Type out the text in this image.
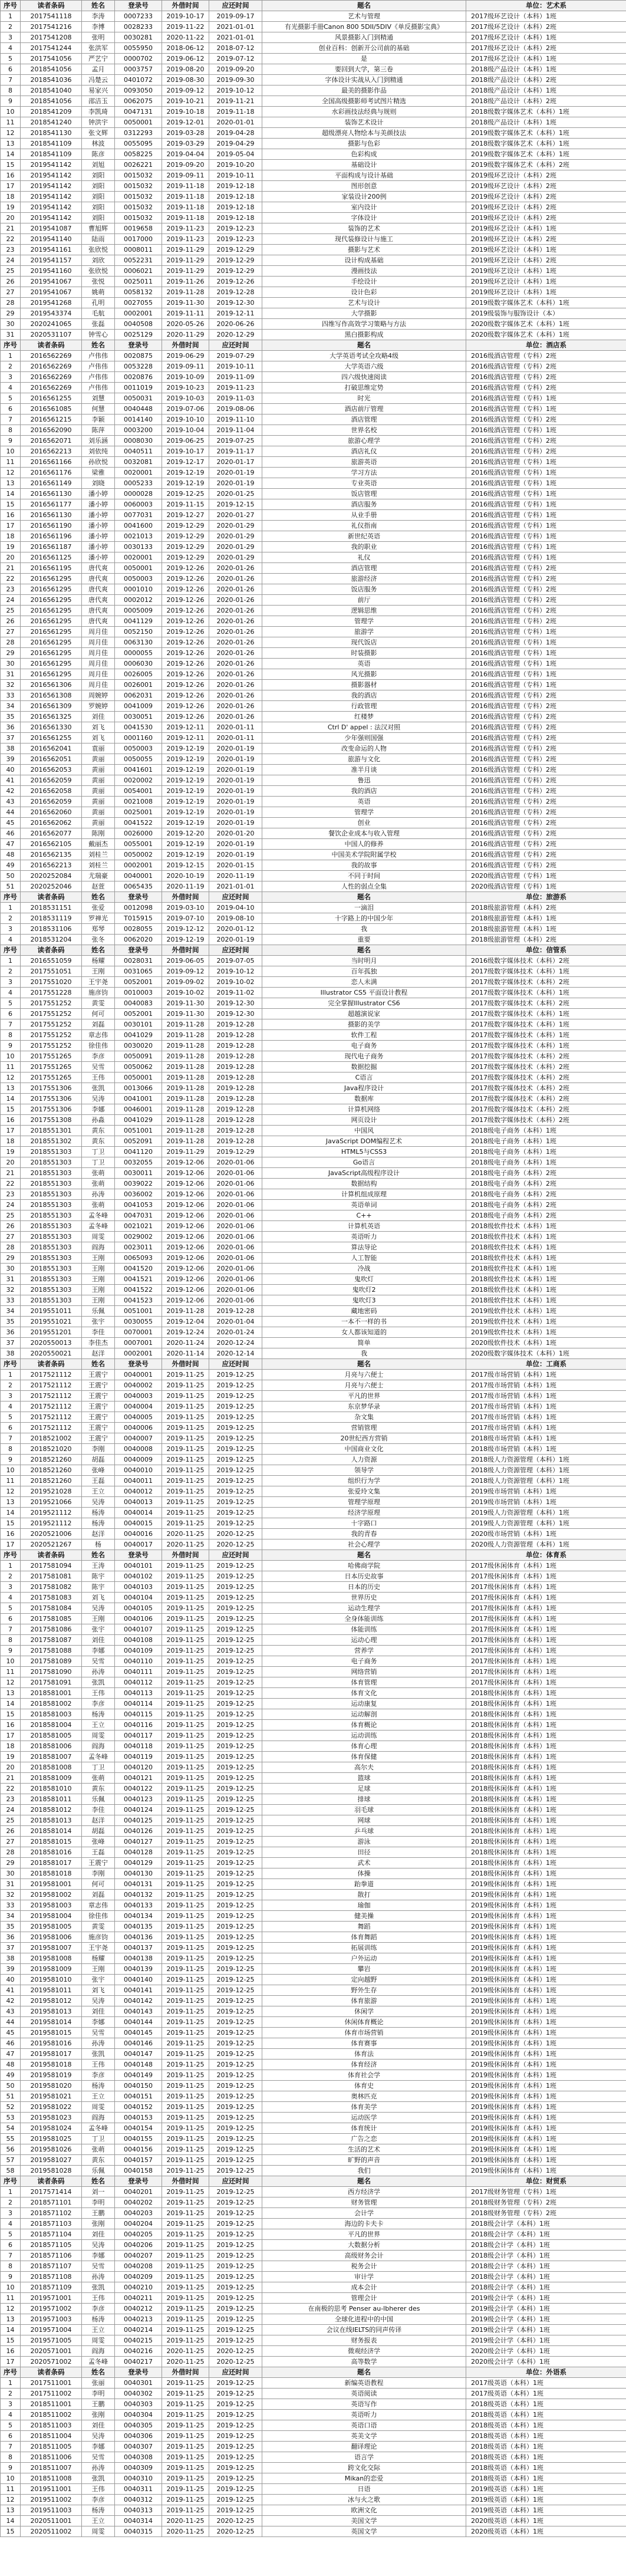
序号	读者条码	姓名	登录号	外借时间	应还时间	题名	单位：艺术系
1	2017541118	李涛	0007233	2019-10-17	2019-09-17	艺术与管理	2017级环艺设计（本科）1班
2	2017541216	李博	0028233	2019-11-22	2021-01-01	有光摄影手冊Canon 800 5DII/5DIV《单反摄影宝典》	2017级环艺设计（本科）2班
3	2017541208	张明	0030281	2020-11-22	2021-01-01	风景摄影入门到精通	2017级环艺设计（本科）1班
4	2017541244	张洪军	0055950	2018-06-12	2018-07-12	创业百科：创新开公司前的基础	2017级环艺设计（本科）2班
5	2017541056	严艺宁	0000702	2019-06-12	2019-07-12	是	2017级环艺设计（本科）1班
6	2018541056	孟月	0003757	2019-08-20	2019-09-20	要回到大学，第三卷	2018级产品设计（本科）1班
7	2018541036	冯楚云	0401072	2019-08-30	2019-09-30	字体设计实战从入门到精通	2018级产品设计（本科）2班
8	2018541040	易家兴	0093050	2019-09-12	2019-10-12	最美的摄影作品	2018级产品设计（本科）1班
9	2018541056	邵洁玉	0062075	2019-10-21	2019-11-21	全国高级摄影师考试图片精选	2018级产品设计（本科）2班
10	2018541209	李凯琦	0047131	2019-10-18	2019-11-18	水彩画技法经典与规则	2018级数字媒体艺术（本科）1班
11	2018541240	钟洪宇	0050001	2019-12-01	2020-01-01	装饰艺术设计	2018级产品设计（本科）1班
12	2018541130	张文辉	0312293	2019-03-28	2019-04-28	超级漂亮人物绘本与美颜技法	2019级数字媒体艺术（本科）1班
13	2018541109	林波	0055095	2019-03-29	2019-04-29	摄影与色彩	2018级数字媒体艺术（本科）1班
14	2018541109	陈彦	0058225	2019-04-04	2019-05-04	色彩构成	2019级数字媒体艺术（本科）1班
15	2019541142	刘旭	0026221	2019-09-20	2019-10-20	基础设计	2019级数字媒体艺术（本科）2班
16	2019541142	刘阳	0015032	2019-09-11	2019-10-11	平面构成与设计基础	2019级环艺设计（本科）2班
17	2019541142	刘阳	0015032	2019-11-18	2019-12-18	图形创意	2019级环艺设计（本科）2班
18	2019541142	刘阳	0015032	2019-11-18	2019-12-18	家装设计200例	2019级环艺设计（本科）2班
19	2019541142	刘阳	0015032	2019-11-18	2019-12-18	室内设计	2019级环艺设计（本科）2班
20	2019541142	刘阳	0015032	2019-11-18	2019-12-18	字体设计	2019级环艺设计（本科）2班
21	2019541087	曹旭辉	0019658	2019-11-23	2019-12-23	装饰的艺术	2019级环艺设计（本科）1班
22	2019541140	陆雨	0017000	2019-11-23	2019-12-23	现代装修设计与施工	2019级环艺设计（本科）2班
23	2019541161	张欣悦	0008011	2019-11-29	2019-12-29	摄影与艺术	2019级环艺设计（本科）1班
24	2019541157	刘欣	0052231	2019-11-29	2019-12-29	设计构成基础	2019级环艺设计（本科）2班
25	2019541160	张欣悦	0006021	2019-11-29	2019-12-29	漫画技法	2019级环艺设计（本科）1班
26	2019541067	张悦	0025011	2019-11-26	2019-12-26	手绘设计	2019级环艺设计（本科）1班
27	2019541067	姚萌	0058132	2019-11-28	2019-12-28	设计色彩	2019级环艺设计（本科）1班
28	2019541268	孔明	0027055	2019-11-30	2019-12-30	艺术与设计	2019级数字媒体艺术（本科）1班
29	2019543374	毛航	0002001	2019-11-11	2019-12-11	大学摄影	2019级装饰与服饰设计（本）
30	2020241065	张磊	0040508	2020-05-26	2020-06-26	四维写作高效学习策略与方法	2020级数字媒体艺术（本科）1班
31	2020531107	钟雪心	0025129	2020-11-29	2020-12-29	黑白摄影构成	2020级数字媒体艺术（本科）1班
序号	读者条码	姓名	登录号	外借时间	应还时间	题名	单位：酒店系
1	2016562269	卢伟伟	0020875	2019-06-29	2019-07-29	大学英语考试全攻略4级	2016级酒店管理（专科）2班
2	2016562269	卢伟伟	0053228	2019-09-11	2019-10-11	大学英语六级	2016级酒店管理（专科）2班
3	2016562269	卢伟伟	0020876	2019-10-09	2019-11-09	四六级快速阅读	2016级酒店管理（专科）2班
4	2016562269	卢伟伟	0011019	2019-10-23	2019-11-23	打破思维定势	2016级酒店管理（专科）2班
5	2016561255	刘慧	0050031	2019-10-03	2019-11-03	时光	2016级酒店管理（专科）1班
6	2016561085	何慧	0040448	2019-07-06	2019-08-06	酒店前厅管理	2016级酒店管理（专科）1班
7	2016561215	李颖	0014140	2019-10-10	2019-11-10	酒店管理	2016级酒店管理（专科）2班
8	2016562090	陈萍	0003200	2019-10-04	2019-11-04	世界名校	2016级酒店管理（专科）1班
9	2016562071	刘乐涵	0008030	2019-06-25	2019-07-25	旅游心理学	2016级酒店管理（专科）2班
10	2016562213	刘依纯	0040511	2019-10-17	2019-11-17	酒店礼仪	2016级酒店管理（专科）2班
11	2016561166	孙欣悦	0032081	2019-12-17	2020-01-17	旅游英语	2016级酒店管理（专科）1班
12	2016561176	梁雅	0020001	2019-12-19	2020-01-19	学习方法	2016级酒店管理（专科）1班
13	2016561149	刘晓	0005233	2019-12-19	2020-01-19	专业英语	2016级酒店管理（专科）1班
14	2016561130	潘小婷	0000028	2019-12-25	2020-01-25	饭店管理	2016级酒店管理（专科）1班
15	2016561177	潘小婷	0060003	2019-11-15	2019-12-15	酒店服务	2016级酒店管理（专科）1班
16	2016561130	潘小婷	0077031	2019-12-27	2020-01-27	从业手册	2016级酒店管理（专科）1班
17	2016561190	潘小婷	0041600	2019-12-29	2020-01-29	礼仪指南	2016级酒店管理（专科）1班
18	2016561196	潘小婷	0021013	2019-12-29	2020-01-29	新世纪英语	2016级酒店管理（专科）1班
19	2016561187	潘小婷	0030133	2019-12-29	2020-01-29	我的职业	2016级酒店管理（专科）1班
20	2016561125	潘小婷	0020001	2019-12-29	2020-01-29	礼仪	2016级酒店管理（专科）1班
21	2016561195	唐代爽	0050001	2019-12-26	2020-01-26	酒店管理	2016级酒店管理（专科）2班
22	2016561295	唐代爽	0050003	2019-12-26	2020-01-26	旅游经济	2016级酒店管理（专科）2班
23	2016561295	唐代爽	0001010	2019-12-26	2020-01-26	饭店服务	2016级酒店管理（专科）2班
24	2016561295	唐代爽	0002012	2019-12-26	2020-01-26	前厅	2016级酒店管理（专科）2班
25	2016561295	唐代爽	0005009	2019-12-26	2020-01-26	逻辑思维	2016级酒店管理（专科）2班
26	2016561295	唐代爽	0041129	2019-12-26	2020-01-26	管理学	2016级酒店管理（专科）2班
27	2016561295	周月佳	0052150	2019-12-26	2020-01-26	旅游学	2016级酒店管理（专科）1班
28	2016561295	周月佳	0063130	2019-12-26	2020-01-26	现代饭店	2016级酒店管理（专科）1班
29	2016561295	周月佳	0000055	2019-12-26	2020-01-26	时装摄影	2016级酒店管理（专科）1班
30	2016561295	周月佳	0006030	2019-12-26	2020-01-26	英语	2016级酒店管理（专科）1班
31	2016561295	周月佳	0026005	2019-12-26	2020-01-26	风光摄影	2016级酒店管理（专科）1班
32	2016561306	周月佳	0026001	2019-12-26	2020-01-26	摄影器材	2016级酒店管理（专科）1班
33	2016561308	周婉婷	0062031	2019-12-26	2020-01-26	我的酒店	2016级酒店管理（专科）2班
34	2016561309	罗婉婷	0041009	2019-12-26	2020-01-26	行政管理	2016级酒店管理（专科）2班
35	2016561325	刘佳	0030051	2019-12-26	2020-01-26	红楼梦	2016级酒店管理（专科）2班
36	2016561330	刘飞	0041530	2019-12-11	2020-01-11	Ctrl D' appel : 法汉对照	2016级酒店管理（专科）2班
37	2016561255	刘飞	0001160	2019-12-11	2020-01-11	少年强则国强	2016级酒店管理（专科）2班
38	2016562041	袁丽	0050003	2019-12-19	2020-01-19	改变命运的人物	2016级酒店管理（专科）2班
39	2016562051	黄丽	0050055	2019-12-19	2020-01-19	旅游与文化	2016级酒店管理（专科）2班
40	2016562053	黄丽	0041601	2019-12-19	2020-01-19	准半月谈	2016级酒店管理（专科）2班
41	2016562059	黄丽	0020002	2019-12-19	2020-01-19	鲁迅	2016级酒店管理（专科）2班
42	2016562058	黄丽	0054001	2019-12-19	2020-01-19	我的酒店	2016级酒店管理（专科）2班
43	2016562059	黄丽	0021008	2019-12-19	2020-01-19	英语	2016级酒店管理（专科）2班
44	2016562060	黄丽	0025001	2019-12-19	2020-01-19	管理学	2016级酒店管理（专科）2班
45	2016562062	黄丽	0041522	2019-12-19	2020-01-19	创业	2016级酒店管理（专科）2班
46	2016562077	陈刚	0026000	2019-12-20	2020-01-20	餐饮企业成本与收入管理	2016级酒店管理（专科）2班
47	2016562105	戴丽杰	0055001	2019-12-19	2020-01-19	中国人的修养	2016级酒店管理（专科）2班
48	2016562135	刘桂兰	0050002	2019-12-19	2020-01-19	中国美术学院附属学校	2016级酒店管理（专科）2班
49	2016562213	刘桂兰	0002001	2019-12-15	2020-01-15	我的故事	2016级酒店管理（专科）2班
50	2020252084	尤瑞豪	0040001	2020-10-19	2020-11-19	不同于时间	2020级酒店管理（专科）1班
51	2020252046	赵萱	0065435	2020-11-19	2021-01-01	人性的弱点全集	2020级酒店管理（专科）1班
序号	读者条码	姓名	登录号	外借时间	应还时间	题名	单位：旅游系
1	2018531151	张爱	0012098	2019-03-10	2019-04-10	一滴泪	2018级旅游管理（本科）2班
2	2018531119	罗禅光	T015915	2019-07-10	2019-08-10	十字路上的中国少年	2018级旅游管理（本科）1班
3	2018531106	郑琴	0028055	2019-12-12	2020-01-12	我	2018级旅游管理（本科）1班
4	2018531204	张冬	0062020	2019-12-19	2020-01-19	重要	2018级旅游管理（本科）2班
序号	读者条码	姓名	登录号	外借时间	应还时间	题名	单位：信管系
1	2016551059	杨耀	0028031	2019-06-05	2019-07-05	当时明月	2016级数字媒体技术（本科）2班
2	2017551051	王刚	0031065	2019-09-12	2019-10-12	百年孤独	2017级数字媒体技术（本科）1班
3	2017551020	王宇尧	0052001	2019-09-02	2019-10-02	恋人未满	2017级数字媒体技术（本科）2班
4	2017551228	施彦钧	0010003	2019-10-02	2019-11-02	Illustrator CS5 平面设计教程	2017级数字媒体技术（本科）1班
5	2017551252	黄雯	0040083	2019-11-30	2019-12-30	完全掌握Illustrator CS6	2017级数字媒体技术（本科）2班
6	2017551252	何可	0052001	2019-11-30	2019-12-30	超越演说家	2017级数字媒体技术（本科）1班
7	2017551252	刘磊	0030101	2019-11-28	2019-12-28	摄影的美学	2017级数字媒体技术（本科）1班
8	2017551252	章志伟	0041029	2019-11-28	2019-12-28	软件工程	2017级数字媒体技术（本科）1班
9	2017551252	徐佳伟	0030020	2019-11-28	2019-12-28	电子商务	2017级数字媒体技术（本科）1班
10	2017551265	李彦	0050091	2019-11-28	2019-12-28	现代电子商务	2017级数字媒体技术（本科）2班
11	2017551265	吴雪	0050062	2019-11-28	2019-12-28	数据挖掘	2017级数字媒体技术（本科）2班
12	2017551265	王伟	0050001	2019-11-28	2019-12-28	C语言	2017级数字媒体技术（本科）2班
13	2017551306	张凯	0013066	2019-11-28	2019-12-28	Java程序设计	2017级数字媒体技术（本科）2班
14	2017551306	吴涛	0041001	2019-11-28	2019-12-28	数据库	2017级数字媒体技术（本科）2班
15	2017551306	李娜	0046001	2019-11-28	2019-12-28	计算机网络	2017级数字媒体技术（本科）2班
16	2017551308	孙淼	0041029	2019-11-28	2019-12-28	网页设计	2017级数字媒体技术（本科）2班
17	2018551301	黄东	0051001	2019-11-28	2019-12-28	中国风	2018级电子商务（本科）1班
18	2018551302	黄东	0052091	2019-11-28	2019-12-28	JavaScript DOM编程艺术	2018级电子商务（本科）1班
19	2018551303	丁卫	0041120	2019-11-29	2019-12-29	HTML5与CSS3	2018级电子商务（本科）1班
20	2018551303	丁卫	0032055	2019-12-06	2020-01-06	Go语言	2018级电子商务（本科）1班
21	2018551303	张萌	0030011	2019-12-06	2020-01-06	JavaScript高级程序设计	2018级电子商务（本科）2班
22	2018551303	张萌	0039022	2019-12-06	2020-01-06	数据结构	2018级电子商务（本科）2班
23	2018551303	孙涛	0036002	2019-12-06	2020-01-06	计算机组成原理	2018级电子商务（本科）2班
24	2018551303	张萌	0041053	2019-12-06	2020-01-06	英语单词	2018级电子商务（本科）2班
25	2018551303	孟冬峰	0047031	2019-12-06	2020-01-06	C++	2018级电子商务（本科）2班
26	2018551303	孟冬峰	0021021	2019-12-06	2020-01-06	计算机英语	2018级软件技术（本科）1班
27	2018551303	周雯	0029002	2019-12-06	2020-01-06	英语听力	2018级软件技术（本科）1班
28	2018551303	阎海	0023011	2019-12-06	2020-01-06	算法导论	2018级软件技术（本科）1班
29	2018551303	王刚	0065093	2019-12-06	2020-01-06	人工智能	2018级软件技术（本科）1班
30	2018551303	王刚	0041520	2019-12-06	2020-01-06	冷战	2018级软件技术（本科）1班
31	2018551303	王刚	0041521	2019-12-06	2020-01-06	鬼吹灯	2018级软件技术（本科）1班
32	2018551303	王刚	0041522	2019-12-06	2020-01-06	鬼吹灯2	2018级软件技术（本科）1班
33	2018551303	王刚	0041523	2019-12-06	2020-01-06	鬼吹灯3	2018级软件技术（本科）1班
34	2019551011	乐佩	0051001	2019-11-28	2019-12-28	藏地密码	2019级软件技术（本科）1班
35	2019551021	张宇	0030055	2019-12-04	2020-01-04	一本不一样的书	2019级软件技术（本科）1班
36	2019551201	李佳	0070001	2019-12-24	2020-01-24	女人都该知道的	2019级软件技术（本科）1班
37	2020550013	李佳杰	0007001	2020-11-24	2020-12-24	简单	2020级软件技术（本科）1班
38	2020550021	赵洋	0002001	2020-11-14	2020-12-14	我	2020级数字媒体技术（本科）1班
序号	读者条码	姓名	登录号	外借时间	应还时间	题名	单位：工商系
1	2017521112	王震宁	0040001	2019-11-25	2019-12-25	月亮与六便士	2017级市场营销（本科）1班
2	2017521112	王震宁	0040002	2019-11-25	2019-12-25	月亮与六便士	2017级市场营销（本科）1班
3	2017521112	王震宁	0040003	2019-11-25	2019-12-25	平凡的世界	2017级市场营销（本科）1班
4	2017521112	王震宁	0040004	2019-11-25	2019-12-25	东京梦华录	2017级市场营销（本科）1班
5	2017521112	王震宁	0040005	2019-11-25	2019-12-25	杂文集	2017级市场营销（本科）1班
6	2017521112	王震宁	0040006	2019-11-25	2019-12-25	营销管理	2017级市场营销（本科）1班
7	2018521002	王震宁	0040007	2019-11-25	2019-12-25	20世纪西方营销	2018级市场营销（本科）1班
8	2018521020	李刚	0040008	2019-11-25	2019-12-25	中国商业文化	2018级市场营销（本科）1班
9	2018521260	胡磊	0040009	2019-11-25	2019-12-25	人力资源	2018级人力资源管理（本科）1班
10	2018521260	张峰	0040010	2019-11-25	2019-12-25	领导学	2018级人力资源管理（本科）1班
11	2018521260	王磊	0040011	2019-11-25	2019-12-25	组织行为学	2018级人力资源管理（本科）1班
12	2019521028	王立	0040012	2019-11-25	2019-12-25	张爱玲文集	2019级市场营销（本科）1班
13	2019521066	吴涛	0040013	2019-11-25	2019-12-25	管理学原理	2019级市场营销（本科）1班
14	2019521112	杨涛	0040014	2019-11-25	2019-12-25	经济学原理	2019级人力资源管理（本科）1班
15	2019521112	杨涛	0040015	2019-11-25	2019-12-25	十字路口	2019级人力资源管理（本科）1班
16	2020521006	赵洋	0040016	2020-11-25	2020-12-25	我的青春	2020级市场营销（本科）1班
17	2020521267	杨	0040017	2020-11-25	2020-12-25	社会心理学	2020级人力资源管理（本科）1班
序号	读者条码	姓名	登录号	外借时间	应还时间	题名	单位：体育系
1	2017581094	王涛	0040101	2019-11-25	2019-12-25	哈佛商学院	2017级休闲体育（本科）1班
2	2017581081	陈宇	0040102	2019-11-25	2019-12-25	日本历史故事	2017级休闲体育（本科）1班
3	2017581082	陈宇	0040103	2019-11-25	2019-12-25	日本的历史	2017级休闲体育（本科）1班
4	2017581083	刘飞	0040104	2019-11-25	2019-12-25	世界历史	2017级休闲体育（本科）1班
5	2017581084	吴涛	0040105	2019-11-25	2019-12-25	运动生理学	2017级休闲体育（本科）1班
6	2017581085	王刚	0040106	2019-11-25	2019-12-25	全身体能训练	2017级休闲体育（本科）1班
7	2017581086	张宇	0040107	2019-11-25	2019-12-25	体能训练	2017级休闲体育（本科）1班
8	2017581087	刘佳	0040108	2019-11-25	2019-12-25	运动心理	2017级休闲体育（本科）1班
9	2017581088	李娜	0040109	2019-11-25	2019-12-25	营养学	2017级休闲体育（本科）1班
10	2017581089	吴雪	0040110	2019-11-25	2019-12-25	电子商务	2017级休闲体育（本科）1班
11	2017581090	孙涛	0040111	2019-11-25	2019-12-25	网络营销	2017级休闲体育（本科）1班
12	2017581091	张凯	0040112	2019-11-25	2019-12-25	体育管理	2017级休闲体育（本科）1班
13	2018581001	王伟	0040113	2019-11-25	2019-12-25	体育文化	2018级休闲体育（本科）1班
14	2018581002	李彦	0040114	2019-11-25	2019-12-25	运动康复	2018级休闲体育（本科）1班
15	2018581003	杨涛	0040115	2019-11-25	2019-12-25	运动解剖	2018级休闲体育（本科）1班
16	2018581004	王立	0040116	2019-11-25	2019-12-25	体育概论	2018级休闲体育（本科）1班
17	2018581005	周雯	0040117	2019-11-25	2019-12-25	运动训练	2018级休闲体育（本科）1班
18	2018581006	阎海	0040118	2019-11-25	2019-12-25	体育心理	2018级休闲体育（本科）1班
19	2018581007	孟冬峰	0040119	2019-11-25	2019-12-25	体育保健	2018级休闲体育（本科）1班
20	2018581008	丁卫	0040120	2019-11-25	2019-12-25	高尔夫	2018级休闲体育（本科）1班
21	2018581009	张萌	0040121	2019-11-25	2019-12-25	篮球	2018级休闲体育（本科）1班
22	2018581010	黄东	0040122	2019-11-25	2019-12-25	足球	2018级休闲体育（本科）1班
23	2018581011	乐佩	0040123	2019-11-25	2019-12-25	排球	2018级休闲体育（本科）1班
24	2018581012	李佳	0040124	2019-11-25	2019-12-25	羽毛球	2018级休闲体育（本科）1班
25	2018581013	赵洋	0040125	2019-11-25	2019-12-25	网球	2018级休闲体育（本科）1班
26	2018581014	胡磊	0040126	2019-11-25	2019-12-25	乒乓球	2018级休闲体育（本科）1班
27	2018581015	张峰	0040127	2019-11-25	2019-12-25	游泳	2018级休闲体育（本科）1班
28	2018581016	王磊	0040128	2019-11-25	2019-12-25	田径	2018级休闲体育（本科）1班
29	2018581017	王震宁	0040129	2019-11-25	2019-12-25	武术	2018级休闲体育（本科）1班
30	2018581018	李刚	0040130	2019-11-25	2019-12-25	体操	2018级休闲体育（本科）1班
31	2019581001	何可	0040131	2019-11-25	2019-12-25	跆拳道	2019级休闲体育（本科）1班
32	2019581002	刘磊	0040132	2019-11-25	2019-12-25	散打	2019级休闲体育（本科）1班
33	2019581003	章志伟	0040133	2019-11-25	2019-12-25	瑜伽	2019级休闲体育（本科）1班
34	2019581004	徐佳伟	0040134	2019-11-25	2019-12-25	健美操	2019级休闲体育（本科）1班
35	2019581005	黄雯	0040135	2019-11-25	2019-12-25	舞蹈	2019级休闲体育（本科）1班
36	2019581006	施彦钧	0040136	2019-11-25	2019-12-25	体育舞蹈	2019级休闲体育（本科）1班
37	2019581007	王宇尧	0040137	2019-11-25	2019-12-25	拓展训练	2019级休闲体育（本科）1班
38	2019581008	杨耀	0040138	2019-11-25	2019-12-25	户外运动	2019级休闲体育（本科）1班
39	2019581009	王刚	0040139	2019-11-25	2019-12-25	攀岩	2019级休闲体育（本科）1班
40	2019581010	张宇	0040140	2019-11-25	2019-12-25	定向越野	2019级休闲体育（本科）1班
41	2019581011	刘飞	0040141	2019-11-25	2019-12-25	野外生存	2019级休闲体育（本科）1班
42	2019581012	吴涛	0040142	2019-11-25	2019-12-25	体育旅游	2019级休闲体育（本科）1班
43	2019581013	刘佳	0040143	2019-11-25	2019-12-25	休闲学	2019级休闲体育（本科）1班
44	2019581014	李娜	0040144	2019-11-25	2019-12-25	休闲体育概论	2019级休闲体育（本科）1班
45	2019581015	吴雪	0040145	2019-11-25	2019-12-25	体育市场营销	2019级休闲体育（本科）1班
46	2019581016	孙涛	0040146	2019-11-25	2019-12-25	体育赛事	2019级休闲体育（本科）1班
47	2019581017	张凯	0040147	2019-11-25	2019-12-25	体育法	2019级休闲体育（本科）1班
48	2019581018	王伟	0040148	2019-11-25	2019-12-25	体育经济	2019级休闲体育（本科）1班
49	2019581019	李彦	0040149	2019-11-25	2019-12-25	体育社会学	2019级休闲体育（本科）1班
50	2019581020	杨涛	0040150	2019-11-25	2019-12-25	体育史	2019级休闲体育（本科）1班
51	2019581021	王立	0040151	2019-11-25	2019-12-25	奥林匹克	2019级休闲体育（本科）1班
52	2019581022	周雯	0040152	2019-11-25	2019-12-25	体育美学	2019级休闲体育（本科）1班
53	2019581023	阎海	0040153	2019-11-25	2019-12-25	运动医学	2019级休闲体育（本科）1班
54	2019581024	孟冬峰	0040154	2019-11-25	2019-12-25	体育统计	2019级休闲体育（本科）1班
55	2019581025	丁卫	0040155	2019-11-25	2019-12-25	广告之恋	2019级休闲体育（本科）1班
56	2019581026	张萌	0040156	2019-11-25	2019-12-25	生活的艺术	2019级休闲体育（本科）1班
57	2019581027	黄东	0040157	2019-11-25	2019-12-25	旷野的声音	2019级休闲体育（本科）1班
58	2019581028	乐佩	0040158	2019-11-25	2019-12-25	我们	2019级休闲体育（本科）1班
序号	读者条码	姓名	登录号	外借时间	应还时间	题名	单位：财贸系
1	2017571414	刘一	0040201	2019-11-25	2019-12-25	西方经济学	2017级财务管理（专科）1班
2	2018571101	李明	0040202	2019-11-25	2019-12-25	财务管理	2018级财务管理（专科）2班
3	2018571102	王鹏	0040203	2019-11-25	2019-12-25	会计学	2018级财务管理（专科）2班
4	2018571103	张刚	0040204	2019-11-25	2019-12-25	海边的卡夫卡	2018级会计学（本科）1班
5	2018571104	刘佳	0040205	2019-11-25	2019-12-25	平凡的世界	2018级会计学（本科）1班
6	2018571105	吴涛	0040206	2019-11-25	2019-12-25	大数据分析	2018级会计学（本科）1班
7	2018571106	李娜	0040207	2019-11-25	2019-12-25	高级财务会计	2018级会计学（本科）1班
8	2018571107	吴雪	0040208	2019-11-25	2019-12-25	税务会计	2018级会计学（本科）1班
9	2018571108	孙涛	0040209	2019-11-25	2019-12-25	审计学	2018级会计学（本科）1班
10	2018571109	张凯	0040210	2019-11-25	2019-12-25	成本会计	2018级会计学（本科）1班
11	2019571001	王伟	0040211	2019-11-25	2019-12-25	管理会计	2019级会计学（本科）1班
12	2019571002	李彦	0040212	2019-11-25	2019-12-25	在南极的思考 Penser au-lbherer des	2019级会计学（本科）1班
13	2019571003	杨涛	0040213	2019-11-25	2019-12-25	全球化进程中的中国	2019级会计学（本科）1班
14	2019571004	王立	0040214	2019-11-25	2019-12-25	会议在线IELTS的同声传译	2019级会计学（本科）1班
15	2019571005	周雯	0040215	2019-11-25	2019-12-25	财务报表	2019级会计学（本科）1班
16	2020571001	阎海	0040216	2020-11-25	2020-12-25	微观经济学	2020级会计学（本科）1班
17	2020571002	孟冬峰	0040217	2020-11-25	2020-12-25	高等数学	2020级会计学（本科）1班
序号	读者条码	姓名	登录号	外借时间	应还时间	题名	单位：外语系
1	2017511001	张丽	0040301	2019-11-25	2019-12-25	新编英语教程	2017级英语（本科）1班
2	2017511002	李明	0040302	2019-11-25	2019-12-25	英语阅读	2017级英语（本科）1班
3	2018511001	王鹏	0040303	2019-11-25	2019-12-25	英语写作	2018级英语（本科）1班
4	2018511002	张刚	0040304	2019-11-25	2019-12-25	英语听力	2018级英语（本科）1班
5	2018511003	刘佳	0040305	2019-11-25	2019-12-25	英语口语	2018级英语（本科）1班
6	2018511004	吴涛	0040306	2019-11-25	2019-12-25	英美文学	2018级英语（本科）1班
7	2018511005	李娜	0040307	2019-11-25	2019-12-25	翻译理论	2018级英语（本科）1班
8	2018511006	吴雪	0040308	2019-11-25	2019-12-25	语言学	2018级英语（本科）1班
9	2018511007	孙涛	0040309	2019-11-25	2019-12-25	跨文化交际	2018级英语（本科）1班
10	2018511008	张凯	0040310	2019-11-25	2019-12-25	Mikan的恋爱	2018级英语（本科）1班
11	2019511001	王伟	0040311	2019-11-25	2019-12-25	日语	2019级英语（本科）1班
12	2019511002	李彦	0040312	2019-11-25	2019-12-25	冰与火之歌	2019级英语（本科）1班
13	2019511003	杨涛	0040313	2019-11-25	2019-12-25	欧洲文化	2019级英语（本科）1班
14	2020511001	王立	0040314	2020-11-25	2020-12-25	美国文学	2020级英语（本科）1班
15	2020511002	周雯	0040315	2020-11-25	2020-12-25	英国文学	2020级英语（本科）1班
